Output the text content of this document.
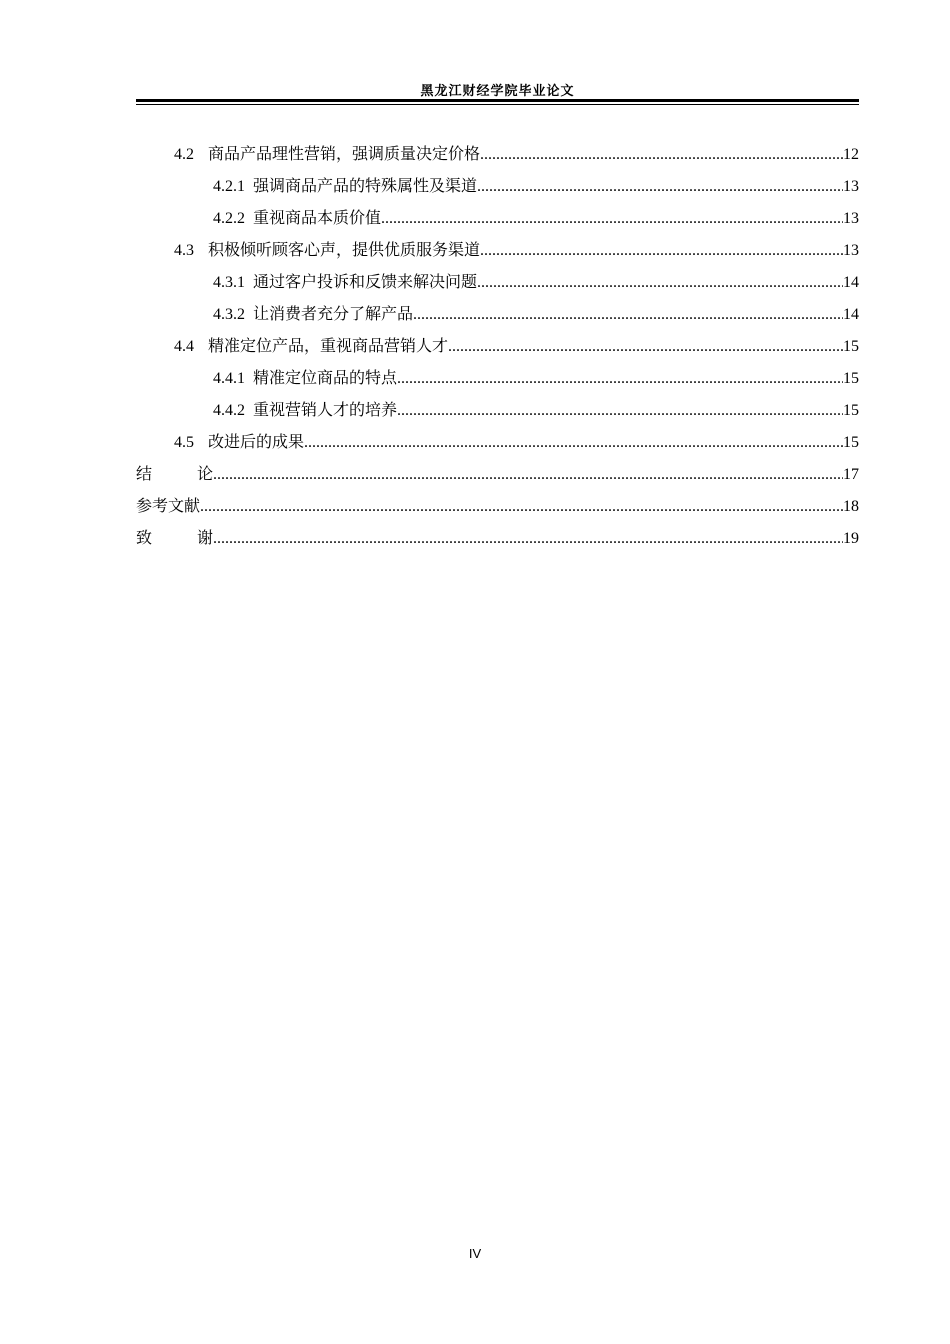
黑龙江财经学院毕业论文
4.2 商品产品理性营销，强调质量决定价格 .....	12
4.2.1 强调商品产品的特殊属性及渠道 .....	13
4.2.2 重视商品本质价值 .....	13
4.3 积极倾听顾客心声，提供优质服务渠道 .....	13
4.3.1 通过客户投诉和反馈来解决问题 .....	14
4.3.2 让消费者充分了解产品 .....	14
4.4 精准定位产品，重视商品营销人才 .....	15
4.4.1 精准定位商品的特点 .....	15
4.4.2 重视营销人才的培养 .....	15
4.5 改进后的成果 .....	15
结论 .....	17
参考文献 .....	18
致谢 .....	19
IV
